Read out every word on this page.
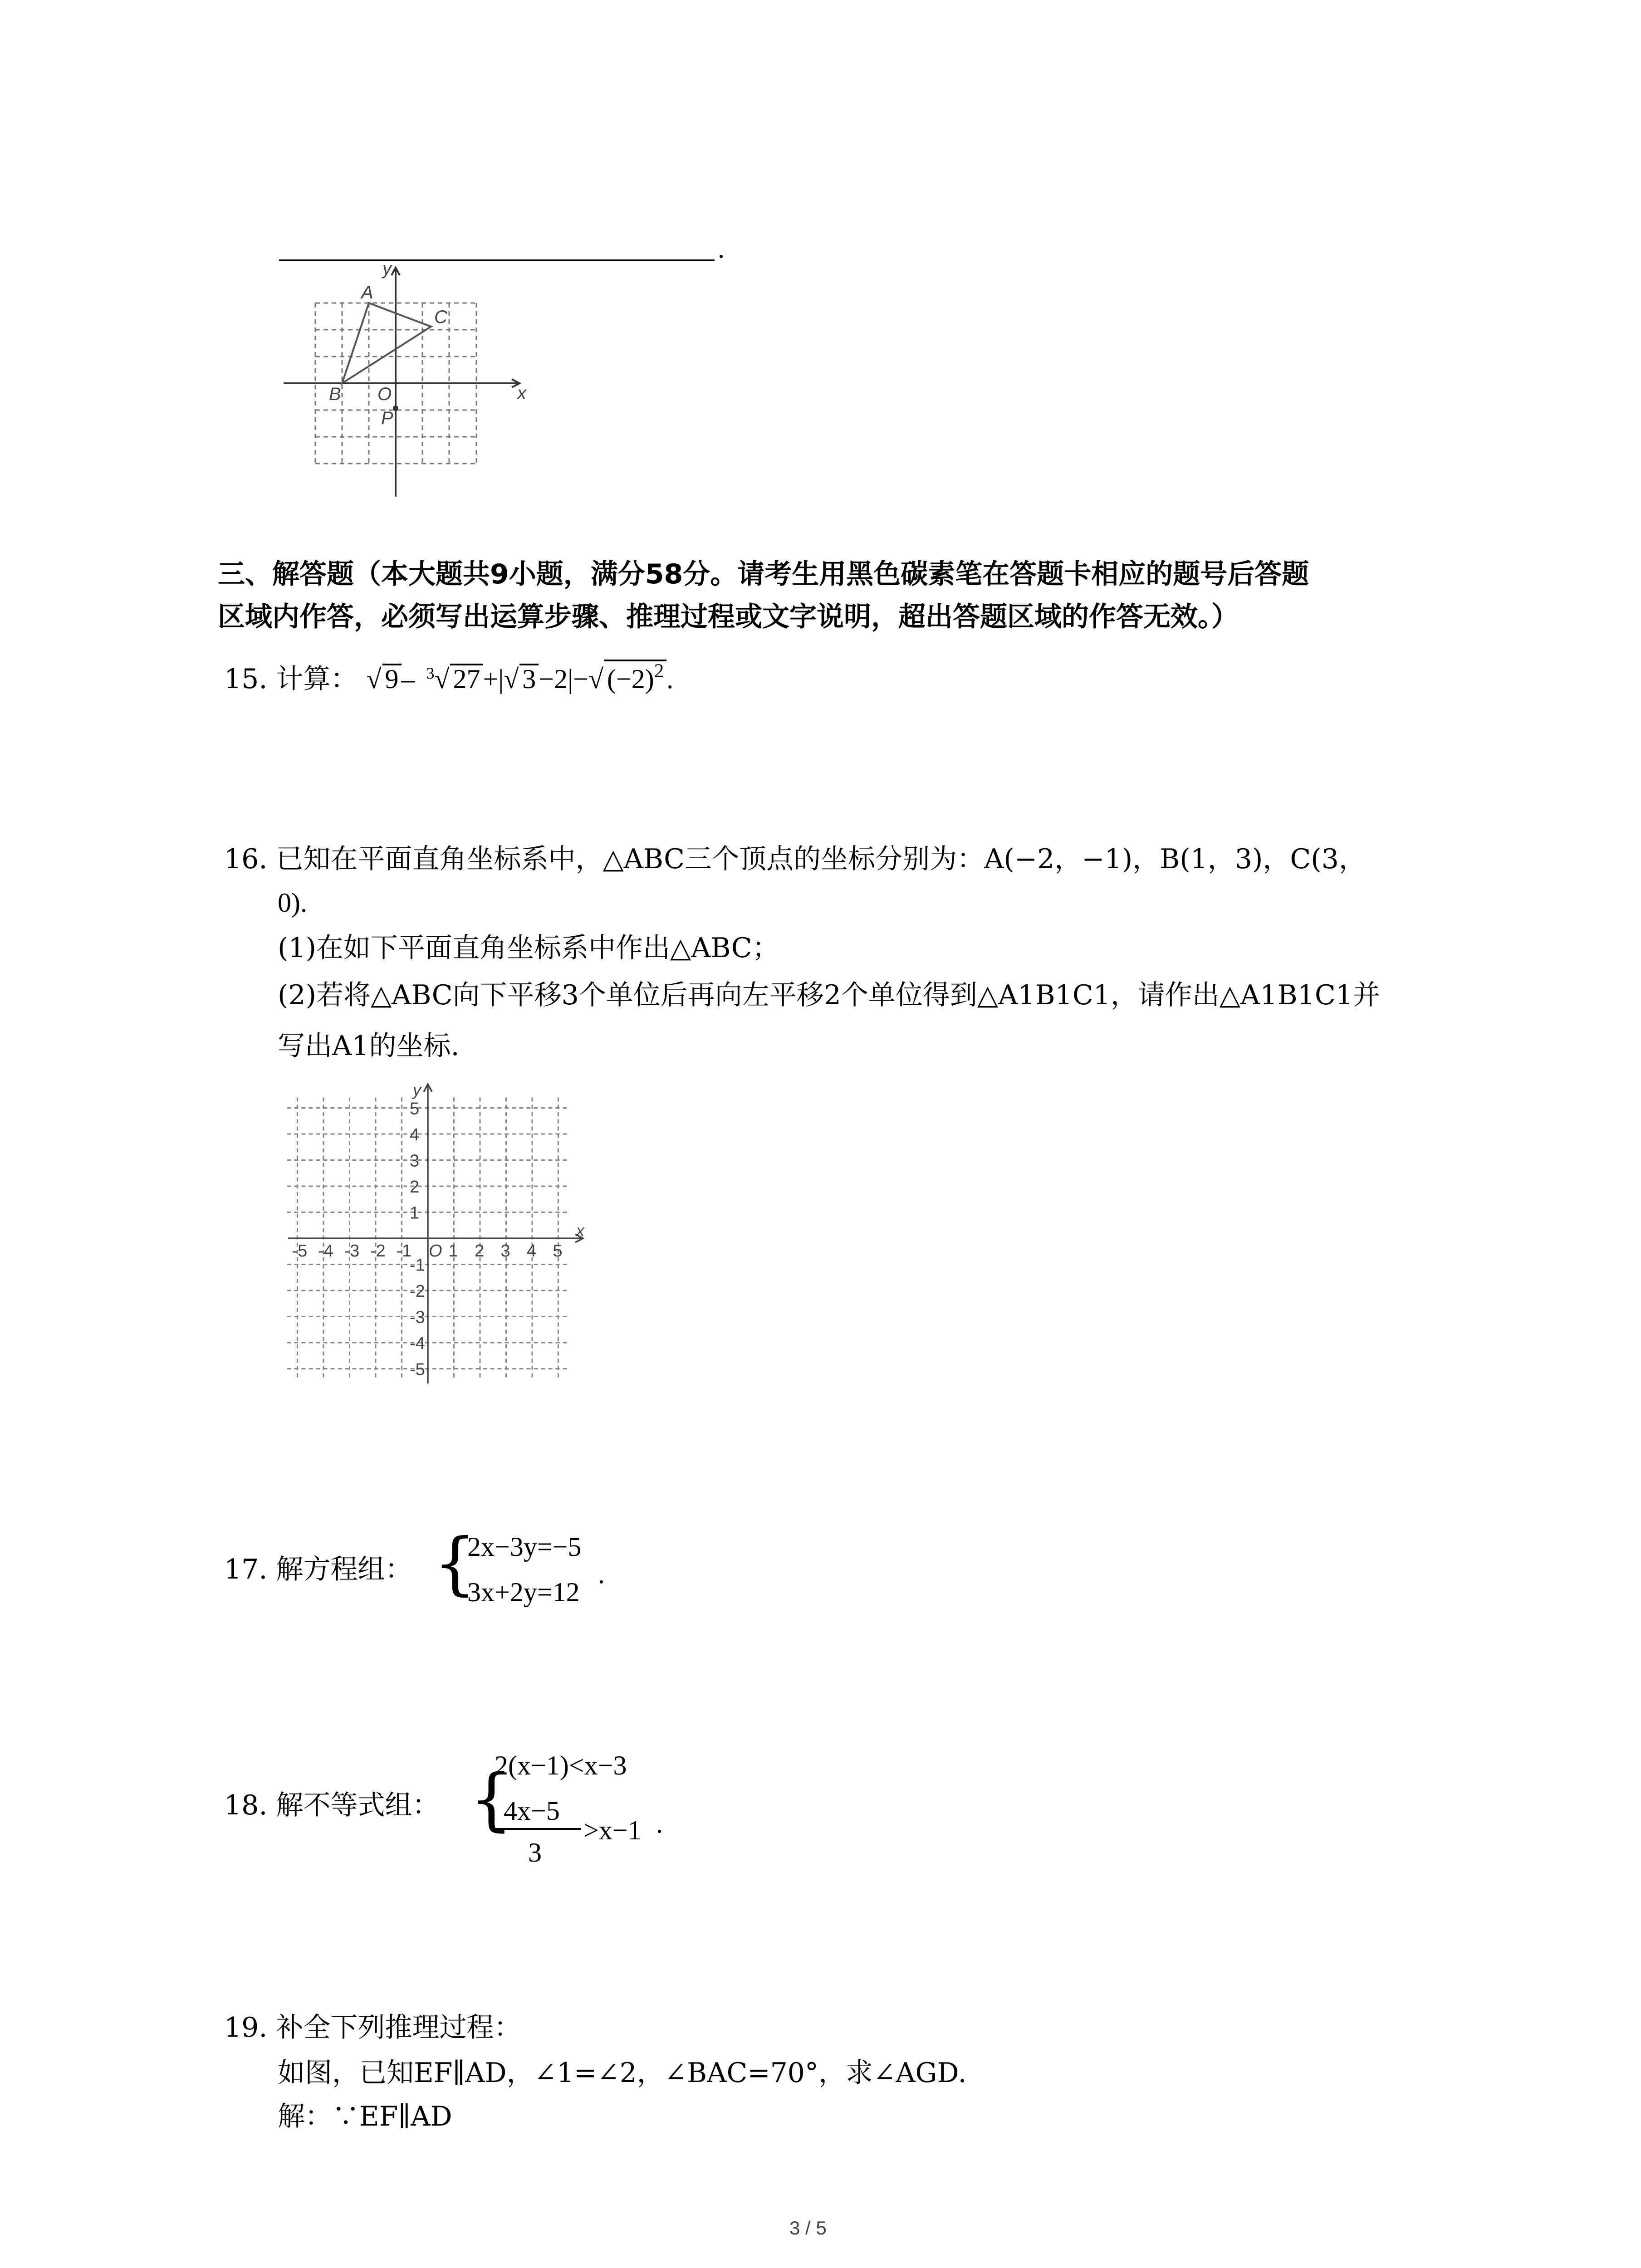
.
y
x
A
B
C
O
P
三、解答题（本大题共9小题，满分58分。请考生用黑色碳素笔在答题卡相应的题号后答题
区域内作答，必须写出运算步骤、推理过程或文字说明，超出答题区域的作答无效。）
15. 计算： √ 9 – $^3$√ 27 +|√ 3 −2|−√ $(-2)^2$ .
16. 已知在平面直角坐标系中，△ABC三个顶点的坐标分别为：A(−2，−1)，B(1，3)，C(3，
0).
(1)在如下平面直角坐标系中作出△ABC；
(2)若将△ABC向下平移3个单位后再向左平移2个单位得到△A1B1C1，请作出△A1B1C1并
写出A1的坐标.
-5 -4 -3 -2 -1 1 2 3 4 5
5
4
3
2
1
-1
-2
-3
-4
-5
y
x
O
17. 解方程组： {
2x−3y=−5
3x+2y=12
.
18. 解不等式组： {
2(x−1)<x−3
4x−5
3
>x−1 .
19. 补全下列推理过程：
如图，已知EF∥AD，∠1=∠2，∠BAC=70°，求∠AGD.
解：∵EF∥AD
3 / 5
